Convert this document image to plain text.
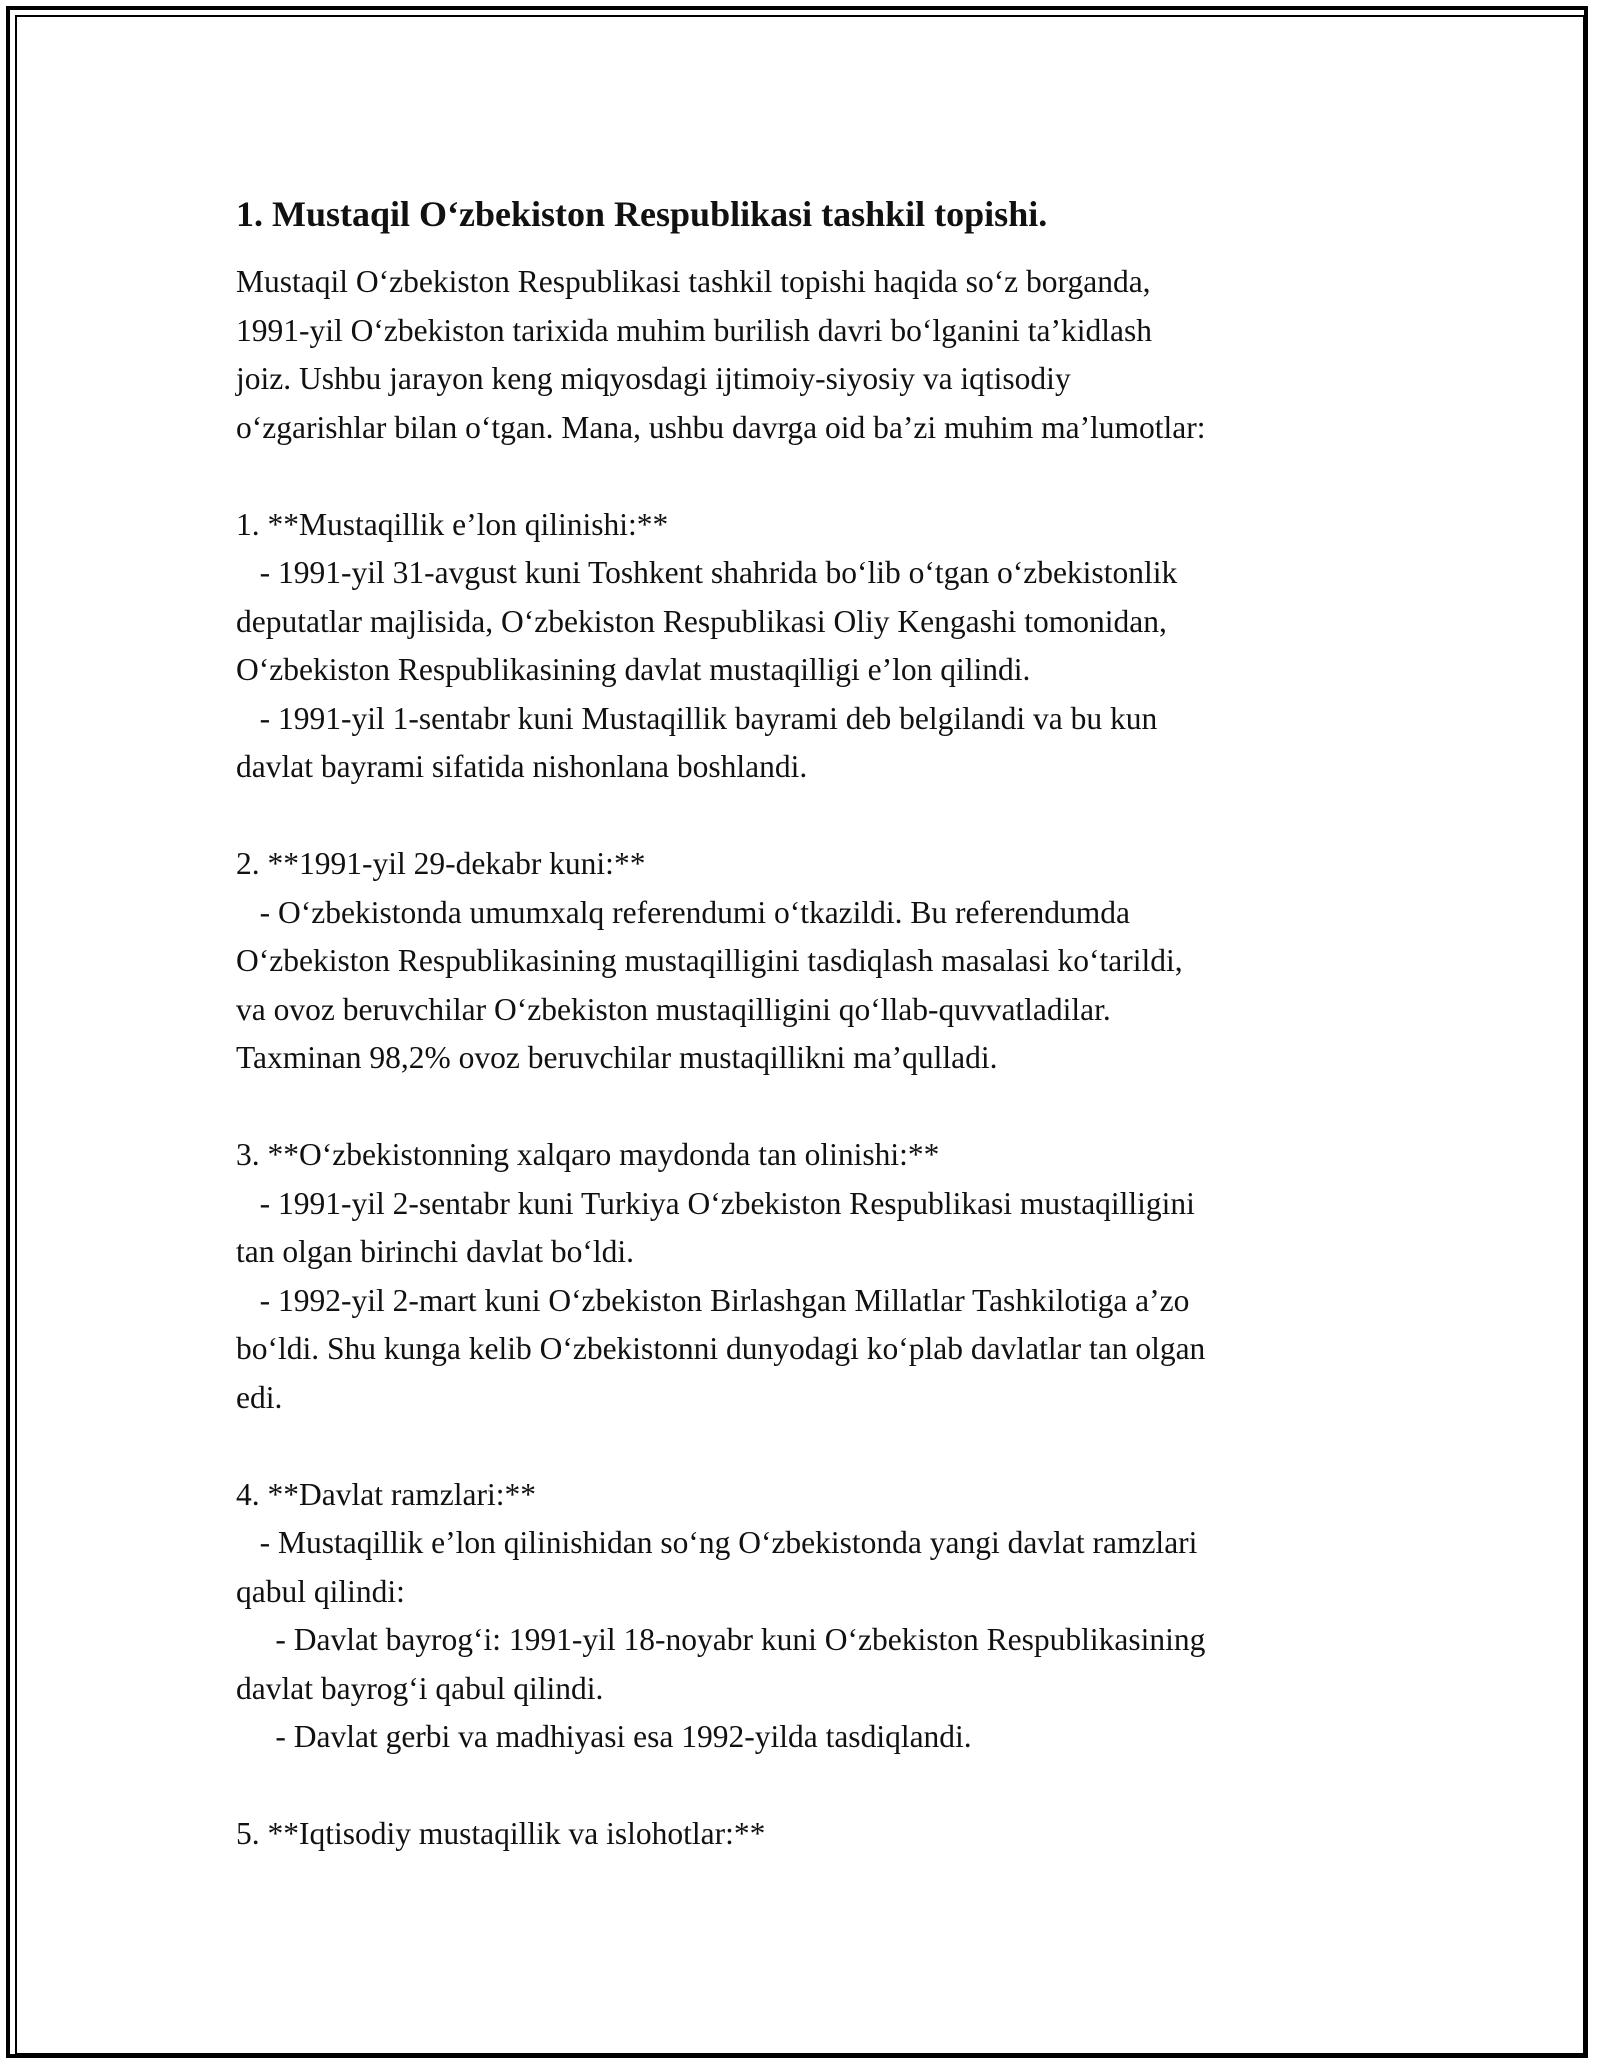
1. Mustaqil O‘zbekiston Respublikasi tashkil topishi.

Mustaqil O‘zbekiston Respublikasi tashkil topishi haqida so‘z borganda,

1991-yil O‘zbekiston tarixida muhim burilish davri bo‘lganini ta’kidlash

joiz. Ushbu jarayon keng miqyosdagi ijtimoiy-siyosiy va iqtisodiy

o‘zgarishlar bilan o‘tgan. Mana, ushbu davrga oid ba’zi muhim ma’lumotlar:

1. **Mustaqillik e’lon qilinishi:**

- 1991-yil 31-avgust kuni Toshkent shahrida bo‘lib o‘tgan o‘zbekistonlik

deputatlar majlisida, O‘zbekiston Respublikasi Oliy Kengashi tomonidan,

O‘zbekiston Respublikasining davlat mustaqilligi e’lon qilindi.

- 1991-yil 1-sentabr kuni Mustaqillik bayrami deb belgilandi va bu kun

davlat bayrami sifatida nishonlana boshlandi.

2. **1991-yil 29-dekabr kuni:**

- O‘zbekistonda umumxalq referendumi o‘tkazildi. Bu referendumda

O‘zbekiston Respublikasining mustaqilligini tasdiqlash masalasi ko‘tarildi,

va ovoz beruvchilar O‘zbekiston mustaqilligini qo‘llab-quvvatladilar.

Taxminan 98,2% ovoz beruvchilar mustaqillikni ma’qulladi.

3. **O‘zbekistonning xalqaro maydonda tan olinishi:**

- 1991-yil 2-sentabr kuni Turkiya O‘zbekiston Respublikasi mustaqilligini

tan olgan birinchi davlat bo‘ldi.

- 1992-yil 2-mart kuni O‘zbekiston Birlashgan Millatlar Tashkilotiga a’zo

bo‘ldi. Shu kunga kelib O‘zbekistonni dunyodagi ko‘plab davlatlar tan olgan

edi.

4. **Davlat ramzlari:**

- Mustaqillik e’lon qilinishidan so‘ng O‘zbekistonda yangi davlat ramzlari

qabul qilindi:

- Davlat bayrog‘i: 1991-yil 18-noyabr kuni O‘zbekiston Respublikasining

davlat bayrog‘i qabul qilindi.

- Davlat gerbi va madhiyasi esa 1992-yilda tasdiqlandi.

5. **Iqtisodiy mustaqillik va islohotlar:**
